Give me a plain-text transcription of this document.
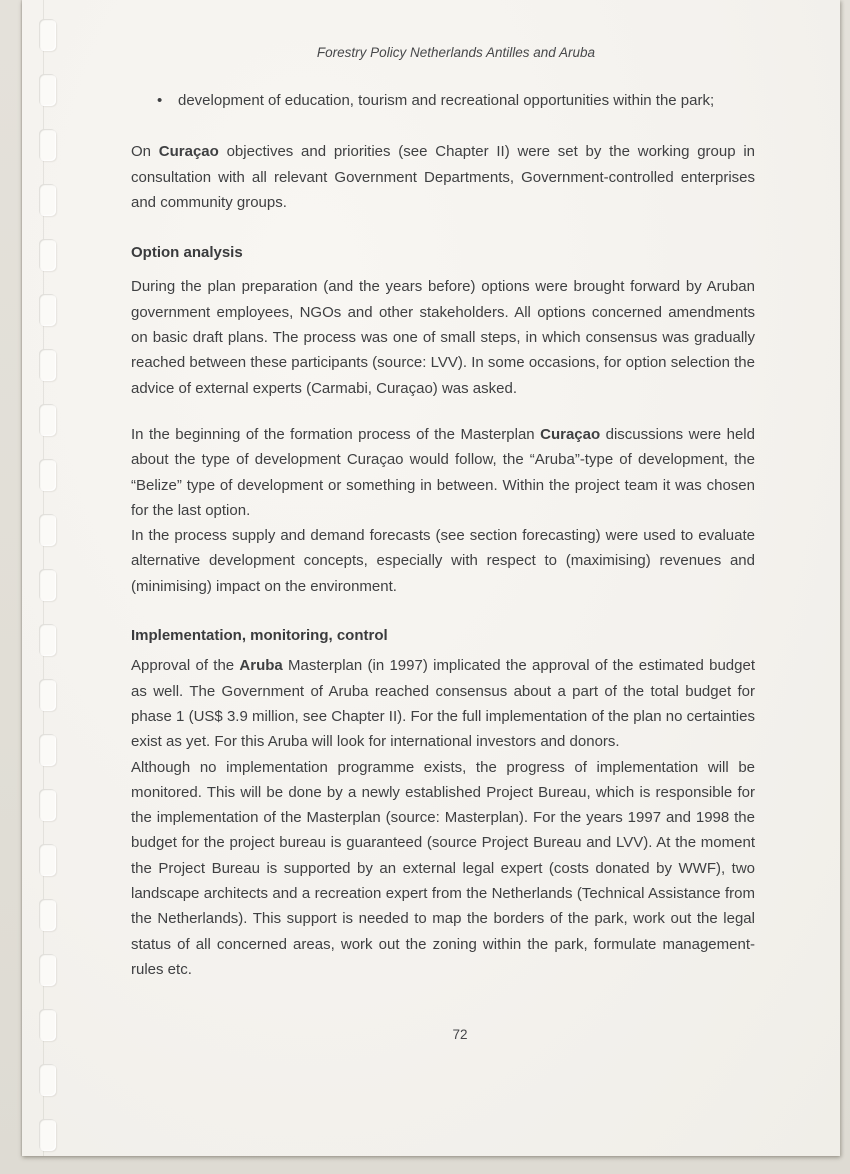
Forestry Policy Netherlands Antilles and Aruba
•	development of education, tourism and recreational opportunities within the park;

On Curaçao objectives and priorities (see Chapter II) were set by the working group in consultation with all relevant Government Departments, Government-controlled enterprises and community groups.

Option analysis

During the plan preparation (and the years before) options were brought forward by Aruban government employees, NGOs and other stakeholders. All options concerned amendments on basic draft plans. The process was one of small steps, in which consensus was gradually reached between these participants (source: LVV). In some occasions, for option selection the advice of external experts (Carmabi, Curaçao) was asked.

In the beginning of the formation process of the Masterplan Curaçao discussions were held about the type of development Curaçao would follow, the “Aruba”-type of development, the “Belize” type of development or something in between. Within the project team it was chosen for the last option.

In the process supply and demand forecasts (see section forecasting) were used to evaluate alternative development concepts, especially with respect to (maximising) revenues and (minimising) impact on the environment.

Implementation, monitoring, control

Approval of the Aruba Masterplan (in 1997) implicated the approval of the estimated budget as well. The Government of Aruba reached consensus about a part of the total budget for phase 1 (US$ 3.9 million, see Chapter II). For the full implementation of the plan no certainties exist as yet. For this Aruba will look for international investors and donors.

Although no implementation programme exists, the progress of implementation will be monitored. This will be done by a newly established Project Bureau, which is responsible for the implementation of the Masterplan (source: Masterplan). For the years 1997 and 1998 the budget for the project bureau is guaranteed (source Project Bureau and LVV). At the moment the Project Bureau is supported by an external legal expert (costs donated by WWF), two landscape architects and a recreation expert from the Netherlands (Technical Assistance from the Netherlands). This support is needed to map the borders of the park, work out the legal status of all concerned areas, work out the zoning within the park, formulate management-rules etc.

72
